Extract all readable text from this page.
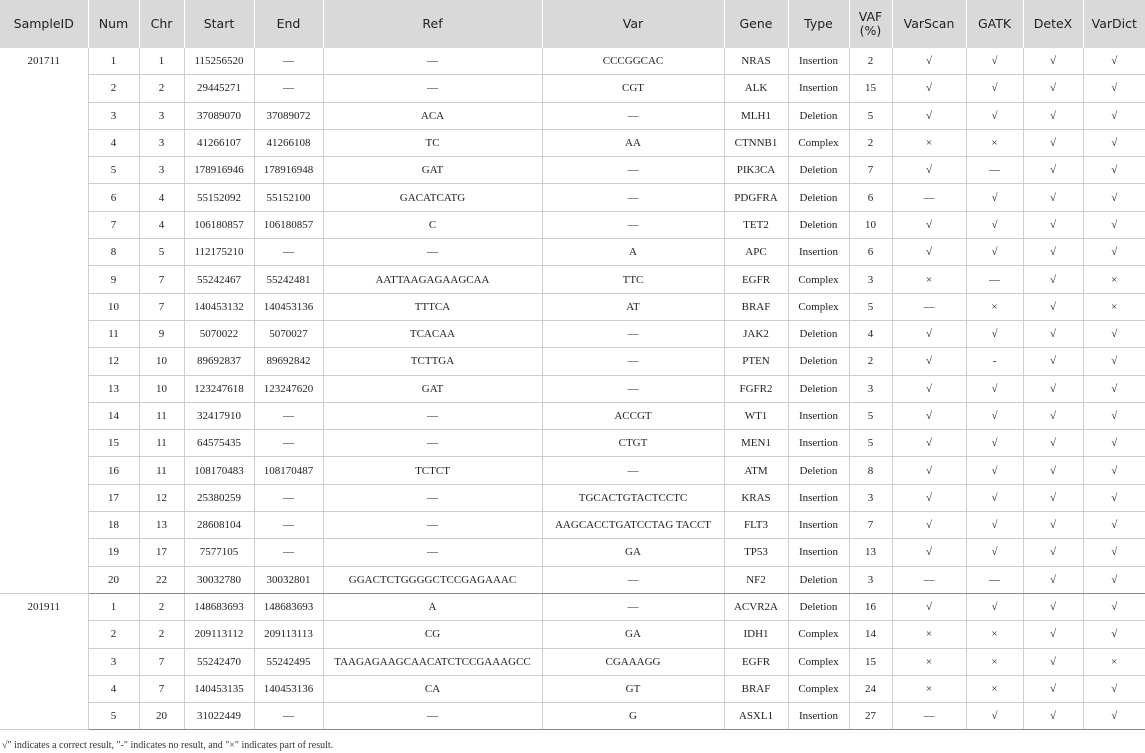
SampleID	Num	Chr	Start	End	Ref	Var	Gene	Type	VAF (%)	VarScan	GATK	DeteX	VarDict
201711	1	1	115256520	—	—	CCCGGCAC	NRAS	Insertion	2	√	√	√	√
	2	2	29445271	—	—	CGT	ALK	Insertion	15	√	√	√	√
	3	3	37089070	37089072	ACA	—	MLH1	Deletion	5	√	√	√	√
	4	3	41266107	41266108	TC	AA	CTNNB1	Complex	2	×	×	√	√
	5	3	178916946	178916948	GAT	—	PIK3CA	Deletion	7	√	—	√	√
	6	4	55152092	55152100	GACATCATG	—	PDGFRA	Deletion	6	—	√	√	√
	7	4	106180857	106180857	C	—	TET2	Deletion	10	√	√	√	√
	8	5	112175210	—	—	A	APC	Insertion	6	√	√	√	√
	9	7	55242467	55242481	AATTAAGAGAAGCAA	TTC	EGFR	Complex	3	×	—	√	×
	10	7	140453132	140453136	TTTCA	AT	BRAF	Complex	5	—	×	√	×
	11	9	5070022	5070027	TCACAA	—	JAK2	Deletion	4	√	√	√	√
	12	10	89692837	89692842	TCTTGA	—	PTEN	Deletion	2	√	-	√	√
	13	10	123247618	123247620	GAT	—	FGFR2	Deletion	3	√	√	√	√
	14	11	32417910	—	—	ACCGT	WT1	Insertion	5	√	√	√	√
	15	11	64575435	—	—	CTGT	MEN1	Insertion	5	√	√	√	√
	16	11	108170483	108170487	TCTCT	—	ATM	Deletion	8	√	√	√	√
	17	12	25380259	—	—	TGCACTGTACTCCTC	KRAS	Insertion	3	√	√	√	√
	18	13	28608104	—	—	AAGCACCTGATCCTAG TACCT	FLT3	Insertion	7	√	√	√	√
	19	17	7577105	—	—	GA	TP53	Insertion	13	√	√	√	√
	20	22	30032780	30032801	GGACTCTGGGGCTCCGAGAAAC	—	NF2	Deletion	3	—	—	√	√
201911	1	2	148683693	148683693	A	—	ACVR2A	Deletion	16	√	√	√	√
	2	2	209113112	209113113	CG	GA	IDH1	Complex	14	×	×	√	√
	3	7	55242470	55242495	TAAGAGAAGCAACATCTCCGAAAGCC	CGAAAGG	EGFR	Complex	15	×	×	√	×
	4	7	140453135	140453136	CA	GT	BRAF	Complex	24	×	×	√	√
	5	20	31022449	—	—	G	ASXL1	Insertion	27	—	√	√	√
√" indicates a correct result, "-" indicates no result, and "×" indicates part of result.
